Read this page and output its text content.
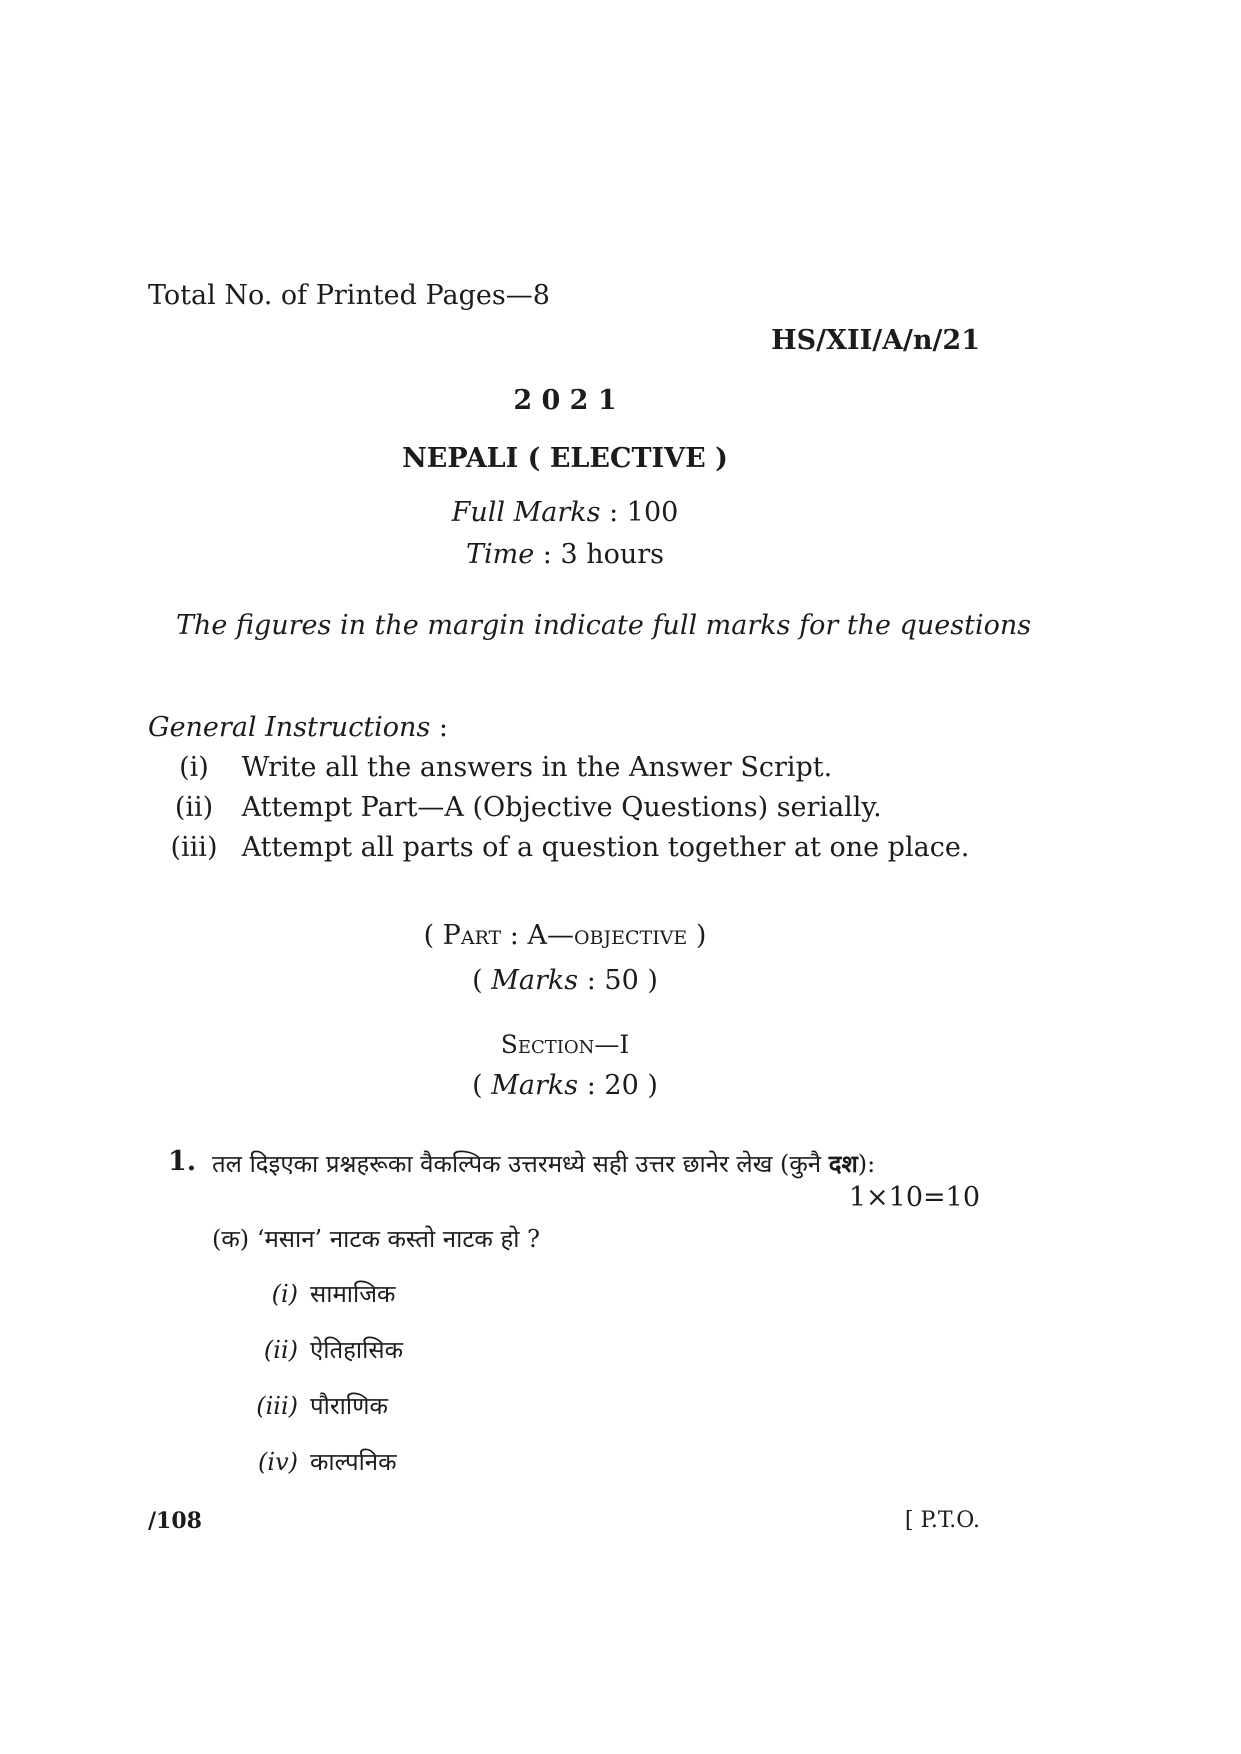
Total No. of Printed Pages—8
HS/XII/A/n/21
2 0 2 1
NEPALI ( ELECTIVE )
Full Marks : 100
Time : 3 hours
The figures in the margin indicate full marks for the questions
General Instructions :
(i) Write all the answers in the Answer Script.
(ii) Attempt Part—A (Objective Questions) serially.
(iii) Attempt all parts of a question together at one place.
( Part : A—objective )
( Marks : 50 )
Section—I
( Marks : 20 )
1. तल दिइएका प्रश्नहरूका वैकल्पिक उत्तरमध्ये सही उत्तर छानेर लेख (कुनै दश):
1×10=10
(क) ‘मसान’ नाटक कस्तो नाटक हो ?
(i) सामाजिक
(ii) ऐतिहासिक
(iii) पौराणिक
(iv) काल्पनिक
/108	[ P.T.O.
